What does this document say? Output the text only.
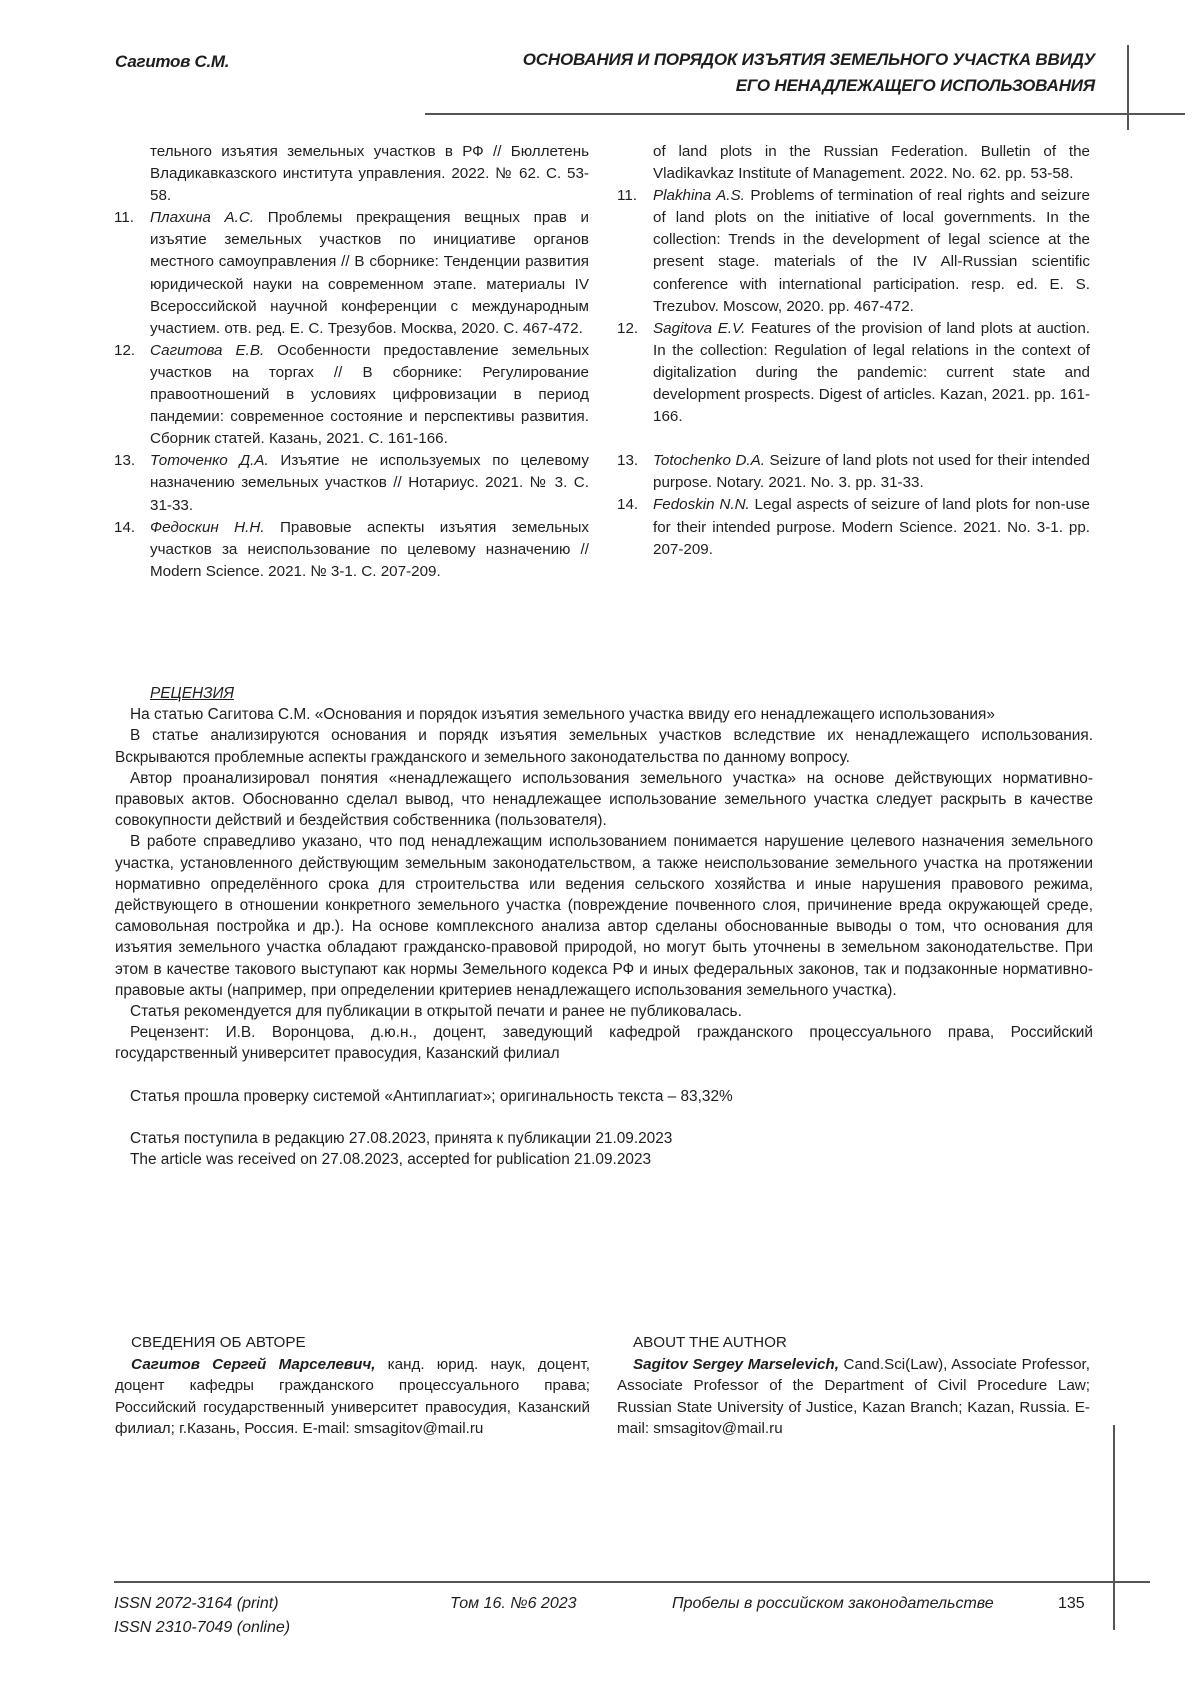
Сагитов С.М.	ОСНОВАНИЯ И ПОРЯДОК ИЗЪЯТИЯ ЗЕМЕЛЬНОГО УЧАСТКА ВВИДУ
ЕГО НЕНАДЛЕЖАЩЕГО ИСПОЛЬЗОВАНИЯ
тельного изъятия земельных участков в РФ // Бюллетень Владикавказского института управления. 2022. № 62. С. 53-58.
11. Плахина А.С. Проблемы прекращения вещных прав и изъятие земельных участков по инициативе органов местного самоуправления // В сборнике: Тенденции развития юридической науки на современном этапе. материалы IV Всероссийской научной конференции с международным участием. отв. ред. Е. С. Трезубов. Москва, 2020. С. 467-472.
12. Сагитова Е.В. Особенности предоставление земельных участков на торгах // В сборнике: Регулирование правоотношений в условиях цифровизации в период пандемии: современное состояние и перспективы развития. Сборник статей. Казань, 2021. С. 161-166.
13. Тоточенко Д.А. Изъятие не используемых по целевому назначению земельных участков // Нотариус. 2021. № 3. С. 31-33.
14. Федоскин Н.Н. Правовые аспекты изъятия земельных участков за неиспользование по целевому назначению // Modern Science. 2021. № 3-1. С. 207-209.
of land plots in the Russian Federation. Bulletin of the Vladikavkaz Institute of Management. 2022. No. 62. pp. 53-58.
11. Plakhina A.S. Problems of termination of real rights and seizure of land plots on the initiative of local governments. In the collection: Trends in the development of legal science at the present stage. materials of the IV All-Russian scientific conference with international participation. resp. ed. E. S. Trezubov. Moscow, 2020. pp. 467-472.
12. Sagitova E.V. Features of the provision of land plots at auction. In the collection: Regulation of legal relations in the context of digitalization during the pandemic: current state and development prospects. Digest of articles. Kazan, 2021. pp. 161-166.
13. Totochenko D.A. Seizure of land plots not used for their intended purpose. Notary. 2021. No. 3. pp. 31-33.
14. Fedoskin N.N. Legal aspects of seizure of land plots for non-use for their intended purpose. Modern Science. 2021. No. 3-1. pp. 207-209.
РЕЦЕНЗИЯ

На статью Сагитова С.М. «Основания и порядок изъятия земельного участка ввиду его ненадлежащего использования»

В статье анализируются основания и порядк изъятия земельных участков вследствие их ненадлежащего использования. Вскрываются проблемные аспекты гражданского и земельного законодательства по данному вопросу.

Автор проанализировал понятия «ненадлежащего использования земельного участка» на основе действующих нормативно-правовых актов. Обоснованно сделал вывод, что ненадлежащее использование земельного участка следует раскрыть в качестве совокупности действий и бездействия собственника (пользователя).

В работе справедливо указано, что под ненадлежащим использованием понимается нарушение целевого назначения земельного участка, установленного действующим земельным законодательством, а также неиспользование земельного участка на протяжении нормативно определённого срока для строительства или ведения сельского хозяйства и иные нарушения правового режима, действующего в отношении конкретного земельного участка (повреждение почвенного слоя, причинение вреда окружающей среде, самовольная постройка и др.). На основе комплексного анализа автор сделаны обоснованные выводы о том, что основания для изъятия земельного участка обладают гражданско-правовой природой, но могут быть уточнены в земельном законодательстве. При этом в качестве такового выступают как нормы Земельного кодекса РФ и иных федеральных законов, так и подзаконные нормативно-правовые акты (например, при определении критериев ненадлежащего использования земельного участка).

Статья рекомендуется для публикации в открытой печати и ранее не публиковалась.

Рецензент: И.В. Воронцова, д.ю.н., доцент, заведующий кафедрой гражданского процессуального права, Российский государственный университет правосудия, Казанский филиал

Статья прошла проверку системой «Антиплагиат»; оригинальность текста – 83,32%

Статья поступила в редакцию 27.08.2023, принята к публикации 21.09.2023

The article was received on 27.08.2023, accepted for publication 21.09.2023

СВЕДЕНИЯ ОБ АВТОРЕ

Сагитов Сергей Марселевич, канд. юрид. наук, доцент, доцент кафедры гражданского процессуального права; Российский государственный университет правосудия, Казанский филиал; г.Казань, Россия. E-mail: smsagitov@mail.ru

ABOUT THE AUTHOR

Sagitov Sergey Marselevich, Cand.Sci(Law), Associate Professor, Associate Professor of the Department of Civil Procedure Law; Russian State University of Justice, Kazan Branch; Kazan, Russia. E-mail: smsagitov@mail.ru

ISSN 2072-3164 (print)
ISSN 2310-7049 (online)
Том 16. №6 2023	Пробелы в российском законодательстве	135
